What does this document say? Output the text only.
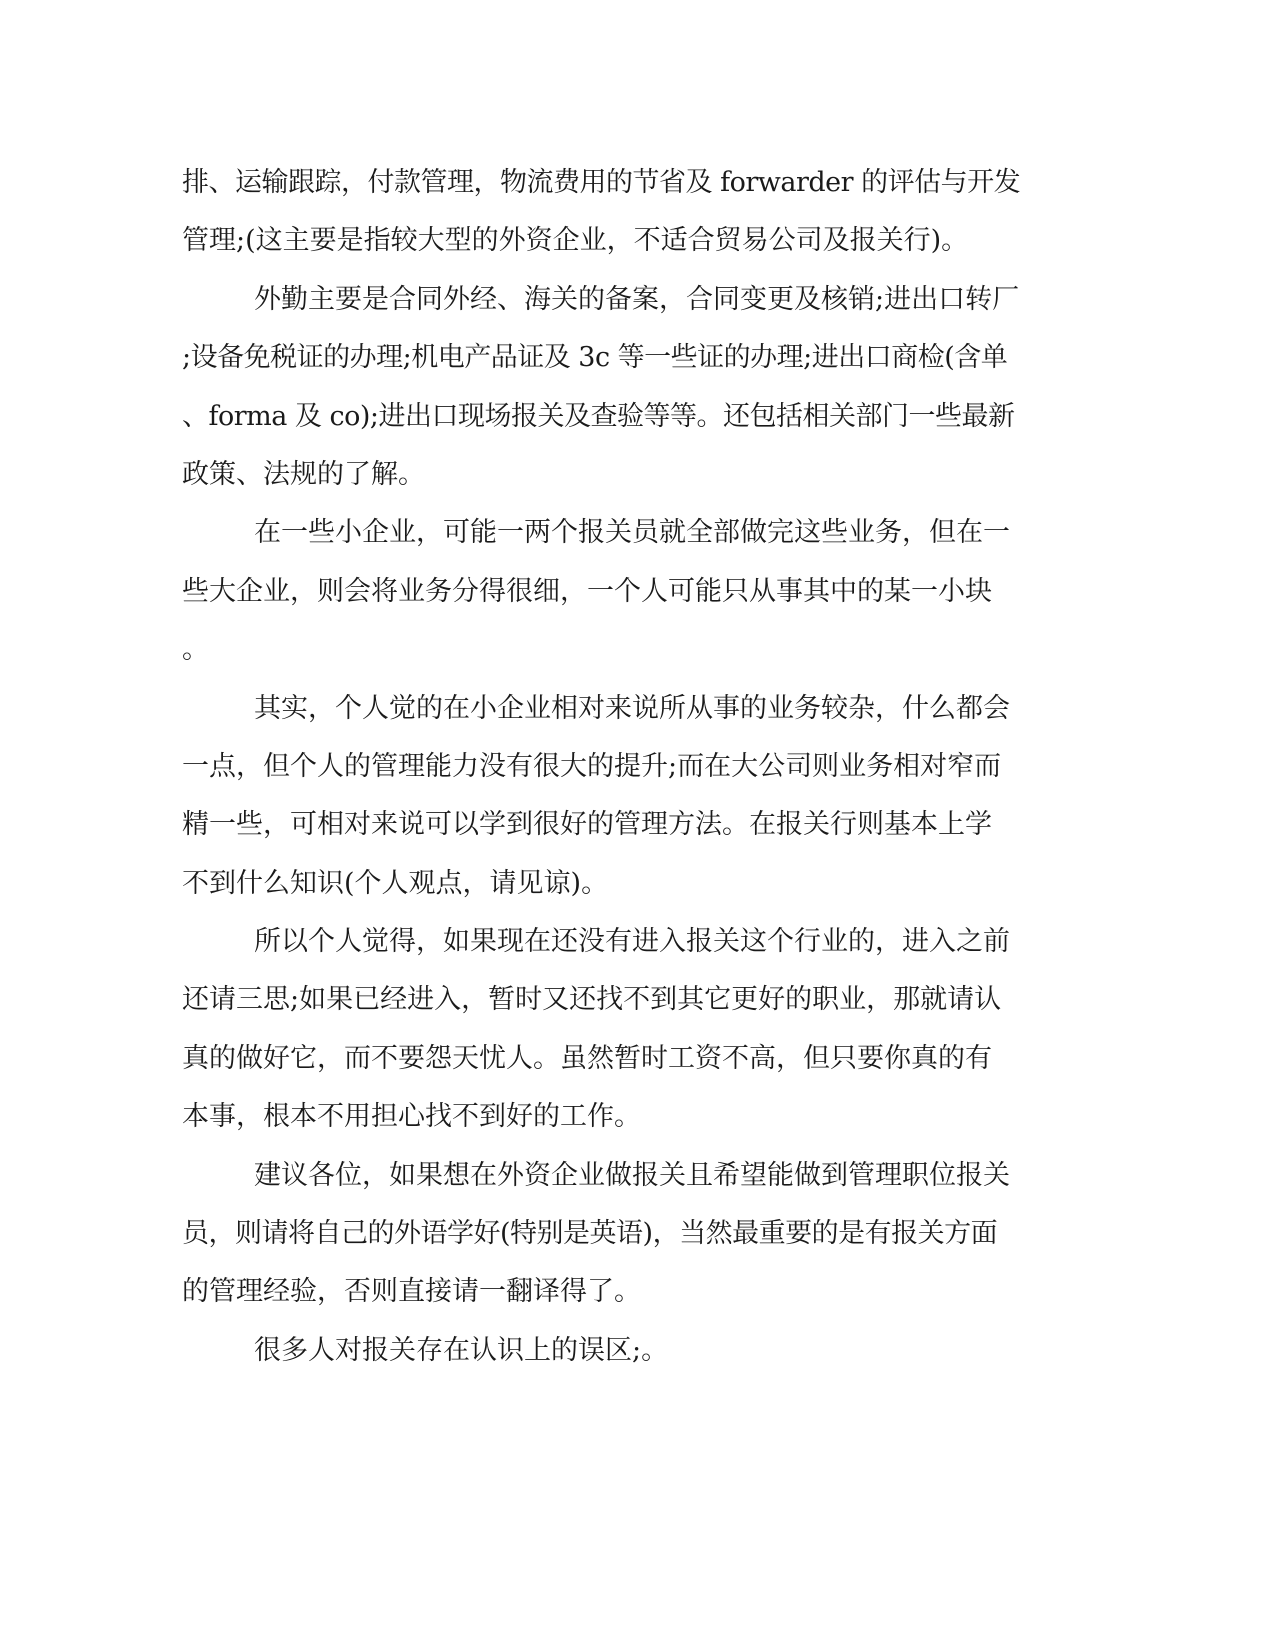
排、运输跟踪，付款管理，物流费用的节省及 forwarder 的评估与开发
管理;(这主要是指较大型的外资企业，不适合贸易公司及报关行)。
外勤主要是合同外经、海关的备案，合同变更及核销;进出口转厂
;设备免税证的办理;机电产品证及 3c 等一些证的办理;进出口商检(含单
、forma 及 co);进出口现场报关及查验等等。还包括相关部门一些最新
政策、法规的了解。
在一些小企业，可能一两个报关员就全部做完这些业务，但在一
些大企业，则会将业务分得很细，一个人可能只从事其中的某一小块
。
其实，个人觉的在小企业相对来说所从事的业务较杂，什么都会
一点，但个人的管理能力没有很大的提升;而在大公司则业务相对窄而
精一些，可相对来说可以学到很好的管理方法。在报关行则基本上学
不到什么知识(个人观点，请见谅)。
所以个人觉得，如果现在还没有进入报关这个行业的，进入之前
还请三思;如果已经进入，暂时又还找不到其它更好的职业，那就请认
真的做好它，而不要怨天忧人。虽然暂时工资不高，但只要你真的有
本事，根本不用担心找不到好的工作。
建议各位，如果想在外资企业做报关且希望能做到管理职位报关
员，则请将自己的外语学好(特别是英语)，当然最重要的是有报关方面
的管理经验，否则直接请一翻译得了。
很多人对报关存在认识上的误区;。
